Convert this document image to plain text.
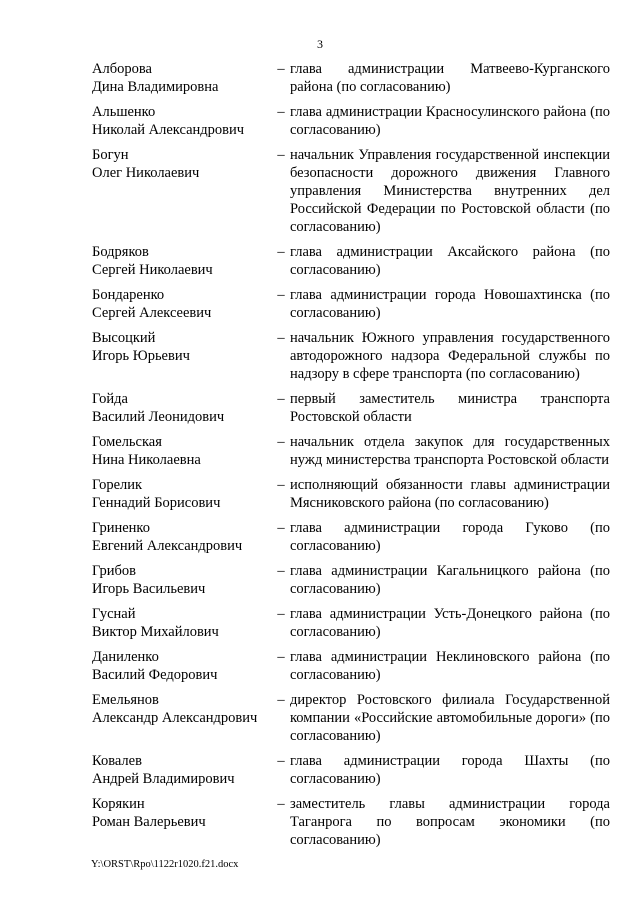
3
Алборова
Дина Владимировна
– глава администрации Матвеево-Курганского района (по согласованию)
Альшенко
Николай Александрович
– глава администрации Красносулинского района (по согласованию)
Богун
Олег Николаевич
– начальник Управления государственной инспекции безопасности дорожного движения Главного управления Министерства внутренних дел Российской Федерации по Ростовской области (по согласованию)
Бодряков
Сергей Николаевич
– глава администрации Аксайского района (по согласованию)
Бондаренко
Сергей Алексеевич
– глава администрации города Новошахтинска (по согласованию)
Высоцкий
Игорь Юрьевич
– начальник Южного управления государственного автодорожного надзора Федеральной службы по надзору в сфере транспорта (по согласованию)
Гойда
Василий Леонидович
– первый заместитель министра транспорта Ростовской области
Гомельская
Нина Николаевна
– начальник отдела закупок для государственных нужд министерства транспорта Ростовской области
Горелик
Геннадий Борисович
– исполняющий обязанности главы администрации Мясниковского района (по согласованию)
Гриненко
Евгений Александрович
– глава администрации города Гуково (по согласованию)
Грибов
Игорь Васильевич
– глава администрации Кагальницкого района (по согласованию)
Гуснай
Виктор Михайлович
– глава администрации Усть-Донецкого района (по согласованию)
Даниленко
Василий Федорович
– глава администрации Неклиновского района (по согласованию)
Емельянов
Александр Александрович
– директор Ростовского филиала Государственной компании «Российские автомобильные дороги» (по согласованию)
Ковалев
Андрей Владимирович
– глава администрации города Шахты (по согласованию)
Корякин
Роман Валерьевич
– заместитель главы администрации города Таганрога по вопросам экономики (по согласованию)
Y:\ORST\Rpo\1122r1020.f21.docx
